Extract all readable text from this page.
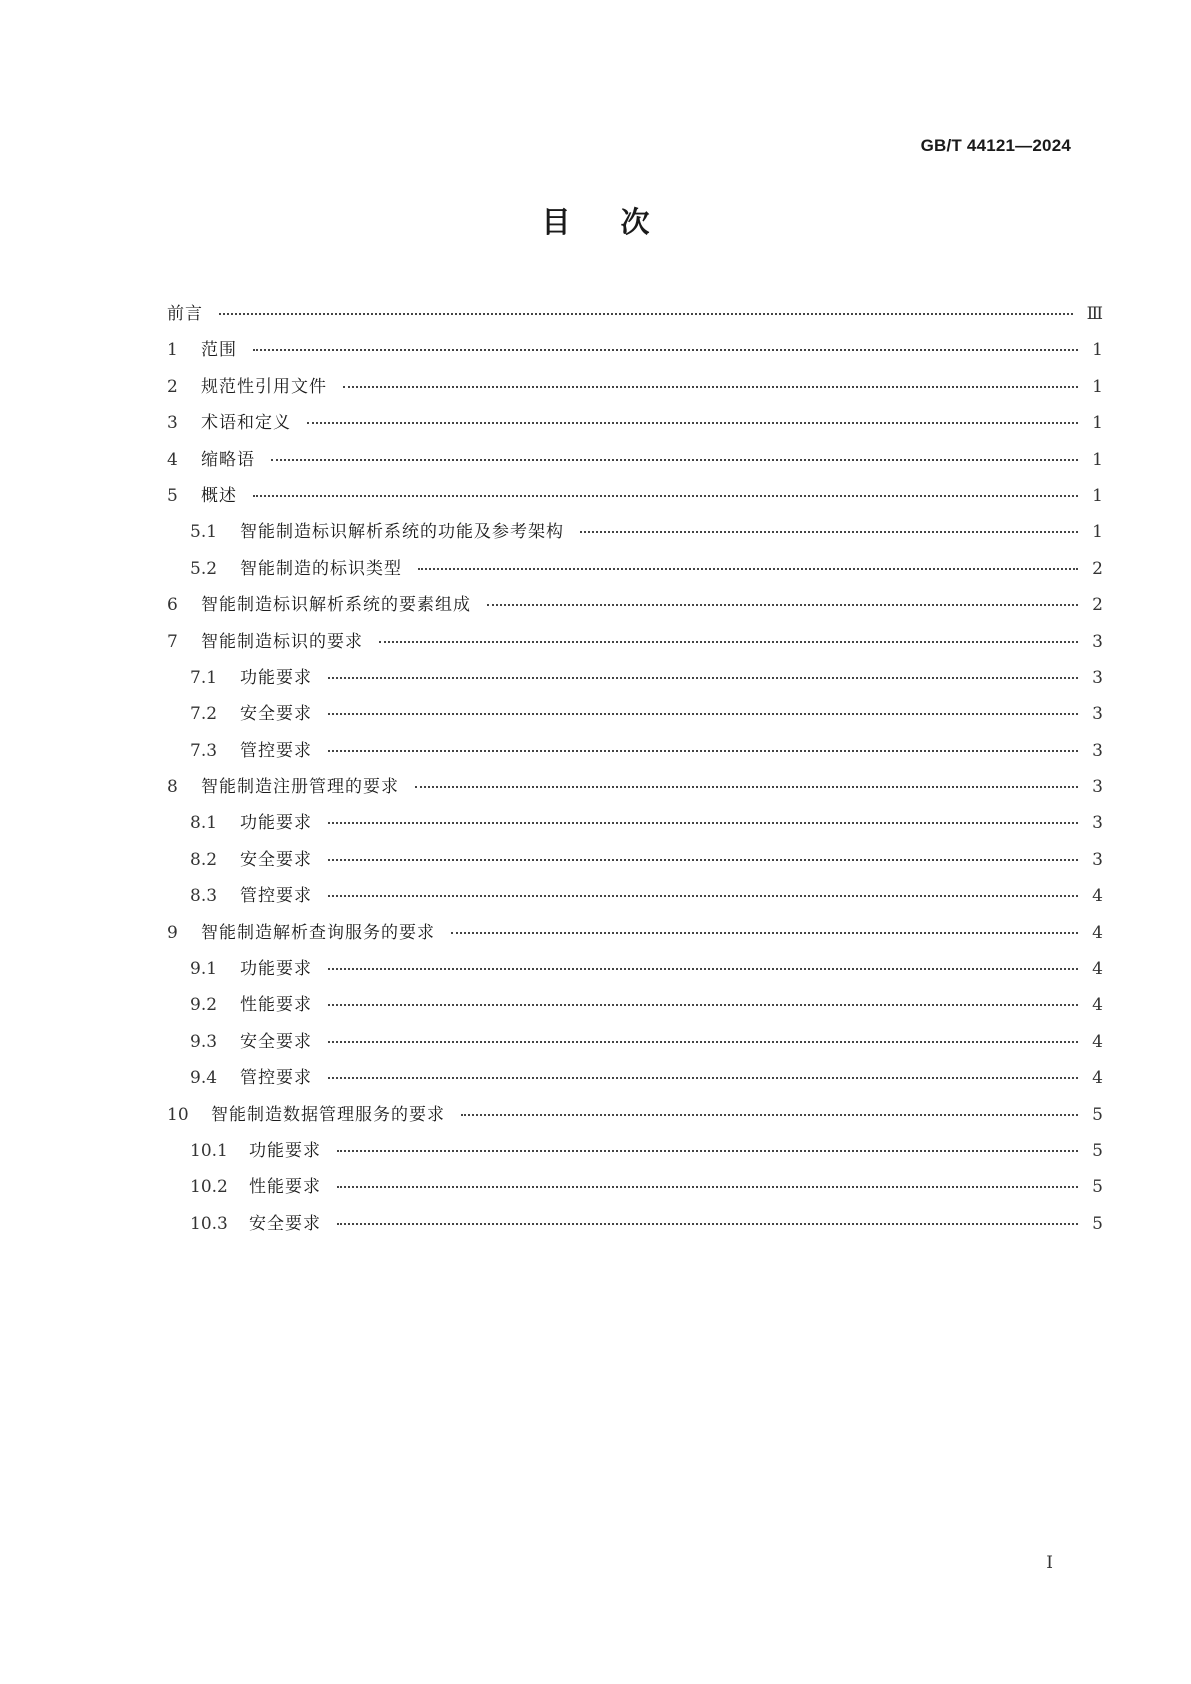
GB/T 44121—2024
目次
前言	Ⅲ
1	范围	1
2	规范性引用文件	1
3	术语和定义	1
4	缩略语	1
5	概述	1
5.1	智能制造标识解析系统的功能及参考架构	1
5.2	智能制造的标识类型	2
6	智能制造标识解析系统的要素组成	2
7	智能制造标识的要求	3
7.1	功能要求	3
7.2	安全要求	3
7.3	管控要求	3
8	智能制造注册管理的要求	3
8.1	功能要求	3
8.2	安全要求	3
8.3	管控要求	4
9	智能制造解析查询服务的要求	4
9.1	功能要求	4
9.2	性能要求	4
9.3	安全要求	4
9.4	管控要求	4
10	智能制造数据管理服务的要求	5
10.1	功能要求	5
10.2	性能要求	5
10.3	安全要求	5
I
